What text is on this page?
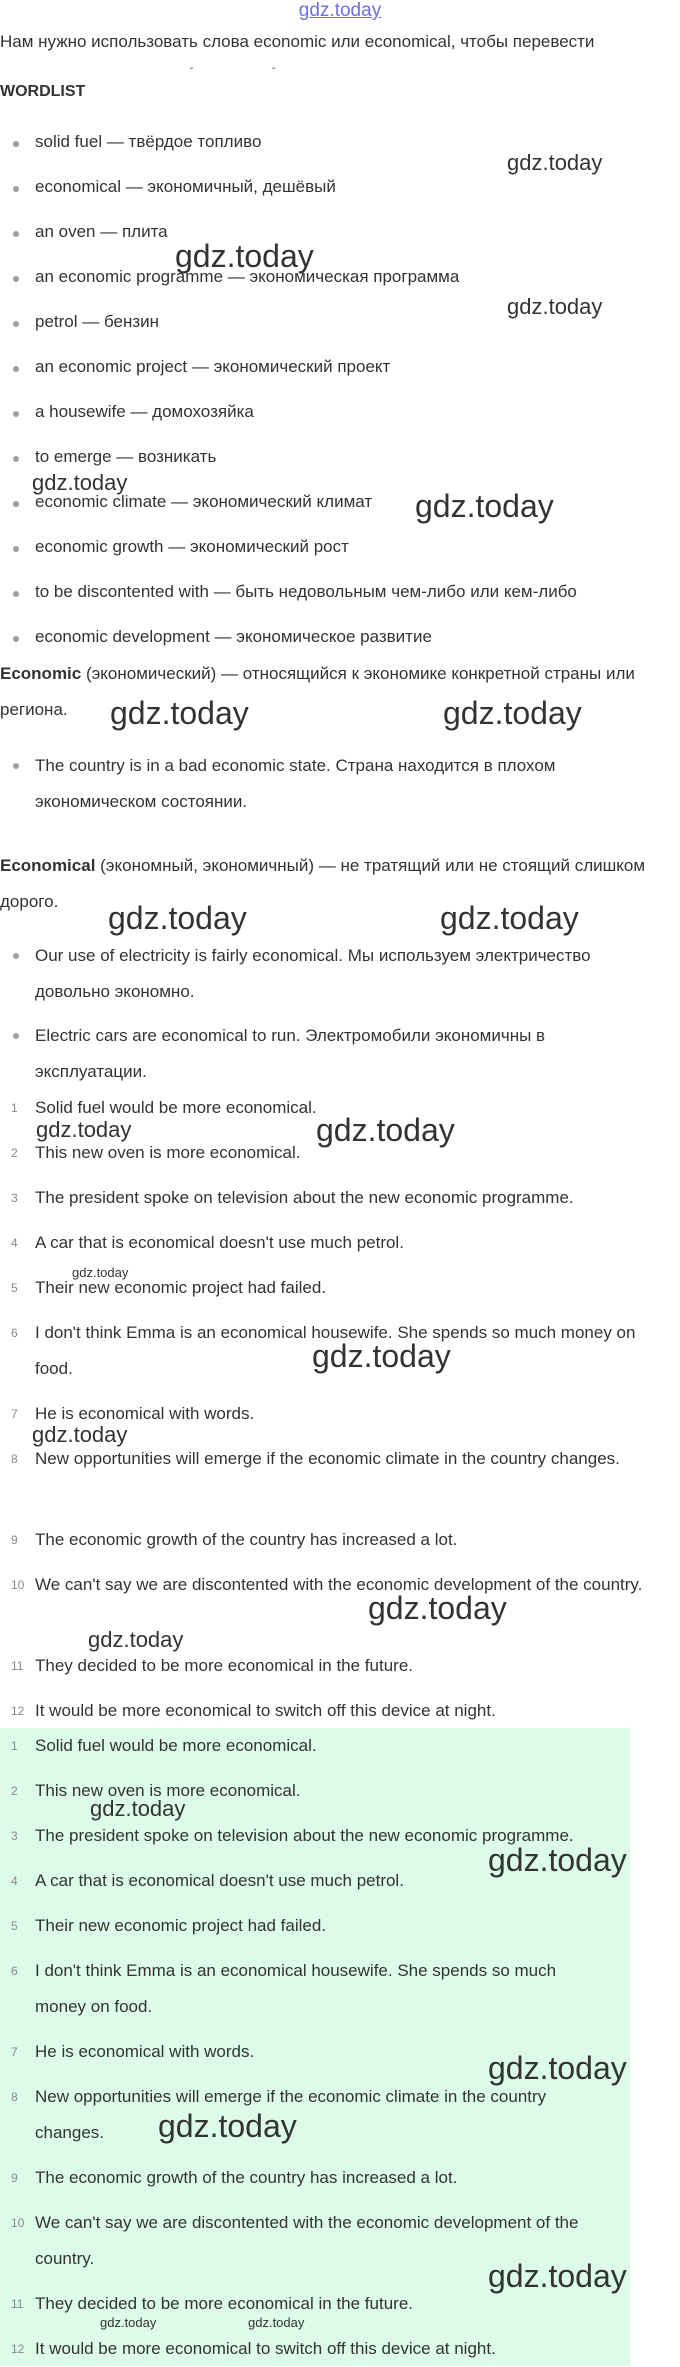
gdz.today
Нам нужно использовать слова economic или economical, чтобы перевести
˘ ˘
WORDLIST
solid fuel — твёрдое топливо
economical — экономичный, дешёвый
an oven — плита
an economic programme — экономическая программа
petrol — бензин
an economic project — экономический проект
a housewife — домохозяйка
to emerge — возникать
economic climate — экономический климат
economic growth — экономический рост
to be discontented with — быть недовольным чем-либо или кем-либо
economic development — экономическое развитие
Economic (экономический) — относящийся к экономике конкретной страны или региона.
The country is in a bad economic state. Страна находится в плохом экономическом состоянии.
Economical (экономный, экономичный) — не тратящий или не стоящий слишком дорого.
Our use of electricity is fairly economical. Мы используем электричество довольно экономно.
Electric cars are economical to run. Электромобили экономичны в эксплуатации.
1 Solid fuel would be more economical.
2 This new oven is more economical.
3 The president spoke on television about the new economic programme.
4 A car that is economical doesn't use much petrol.
5 Their new economic project had failed.
6 I don't think Emma is an economical housewife. She spends so much money on food.
7 He is economical with words.
8 New opportunities will emerge if the economic climate in the country changes.
9 The economic growth of the country has increased a lot.
10 We can't say we are discontented with the economic development of the country.
11 They decided to be more economical in the future.
12 It would be more economical to switch off this device at night.
1 Solid fuel would be more economical.
2 This new oven is more economical.
3 The president spoke on television about the new economic programme.
4 A car that is economical doesn't use much petrol.
5 Their new economic project had failed.
6 I don't think Emma is an economical housewife. She spends so much money on food.
7 He is economical with words.
8 New opportunities will emerge if the economic climate in the country changes.
9 The economic growth of the country has increased a lot.
10 We can't say we are discontented with the economic development of the country.
11 They decided to be more economical in the future.
12 It would be more economical to switch off this device at night.
gdz.today
gdz.today
gdz.today
gdz.today
gdz.today
gdz.today	gdz.today
gdz.today	gdz.today
gdz.today	gdz.today
gdz.today
gdz.today
gdz.today
gdz.today
gdz.today
gdz.today
gdz.today
gdz.today
gdz.today
gdz.today
gdz.today	gdz.today
